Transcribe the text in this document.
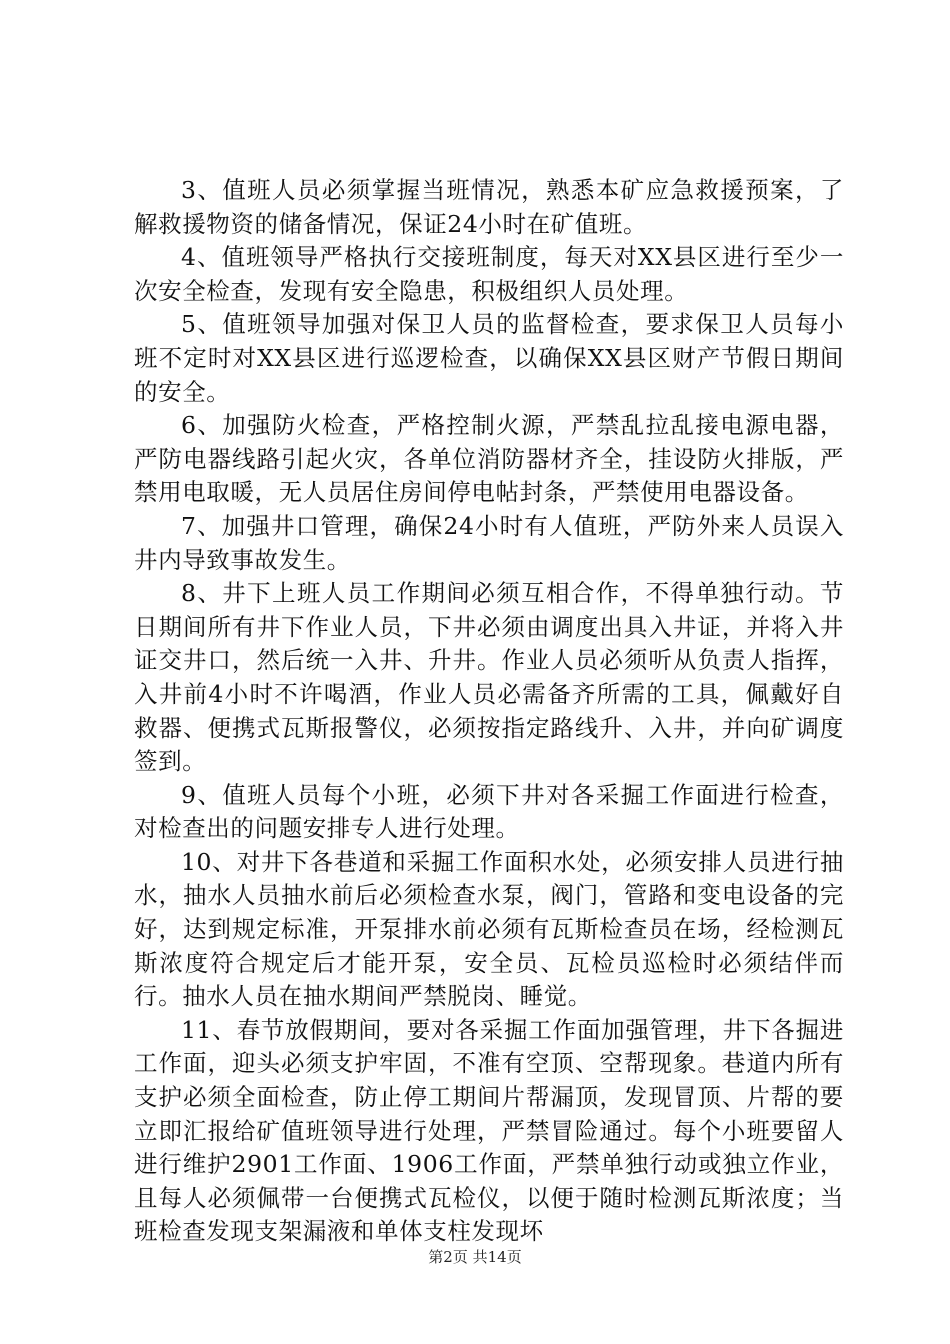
3、值班人员必须掌握当班情况，熟悉本矿应急救援预案，了解救援物资的储备情况，保证24小时在矿值班。

4、值班领导严格执行交接班制度，每天对XX县区进行至少一次安全检查，发现有安全隐患，积极组织人员处理。

5、值班领导加强对保卫人员的监督检查，要求保卫人员每小班不定时对XX县区进行巡逻检查，以确保XX县区财产节假日期间的安全。

6、加强防火检查，严格控制火源，严禁乱拉乱接电源电器，严防电器线路引起火灾，各单位消防器材齐全，挂设防火排版，严禁用电取暖，无人员居住房间停电帖封条，严禁使用电器设备。

7、加强井口管理，确保24小时有人值班，严防外来人员误入井内导致事故发生。

8、井下上班人员工作期间必须互相合作，不得单独行动。节日期间所有井下作业人员，下井必须由调度出具入井证，并将入井证交井口，然后统一入井、升井。作业人员必须听从负责人指挥，入井前4小时不许喝酒，作业人员必需备齐所需的工具，佩戴好自救器、便携式瓦斯报警仪，必须按指定路线升、入井，并向矿调度签到。

9、值班人员每个小班，必须下井对各采掘工作面进行检查，对检查出的问题安排专人进行处理。

10、对井下各巷道和采掘工作面积水处，必须安排人员进行抽水，抽水人员抽水前后必须检查水泵，阀门，管路和变电设备的完好，达到规定标准，开泵排水前必须有瓦斯检查员在场，经检测瓦斯浓度符合规定后才能开泵，安全员、瓦检员巡检时必须结伴而行。抽水人员在抽水期间严禁脱岗、睡觉。

11、春节放假期间，要对各采掘工作面加强管理，井下各掘进工作面，迎头必须支护牢固，不准有空顶、空帮现象。巷道内所有支护必须全面检查，防止停工期间片帮漏顶，发现冒顶、片帮的要立即汇报给矿值班领导进行处理，严禁冒险通过。每个小班要留人进行维护2901工作面、1906工作面，严禁单独行动或独立作业，且每人必须佩带一台便携式瓦检仪，以便于随时检测瓦斯浓度；当班检查发现支架漏液和单体支柱发现坏

第2页 共14页
